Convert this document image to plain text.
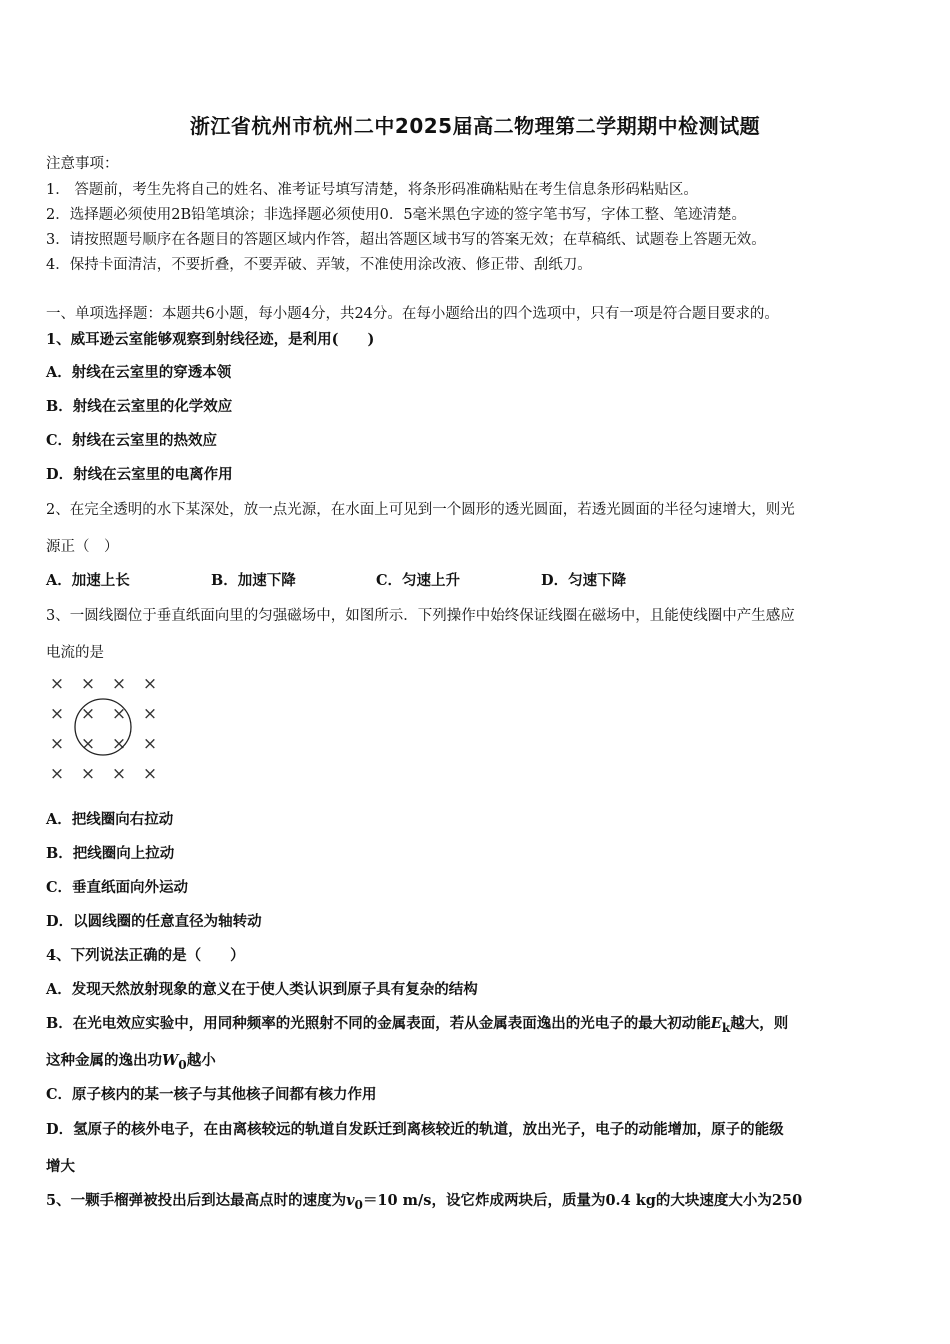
浙江省杭州市杭州二中2025届高二物理第二学期期中检测试题
注意事项：
1． 答题前，考生先将自己的姓名、准考证号填写清楚，将条形码准确粘贴在考生信息条形码粘贴区。
2．选择题必须使用2B铅笔填涂；非选择题必须使用0．5毫米黑色字迹的签字笔书写，字体工整、笔迹清楚。
3．请按照题号顺序在各题目的答题区域内作答，超出答题区域书写的答案无效；在草稿纸、试题卷上答题无效。
4．保持卡面清洁，不要折叠，不要弄破、弄皱，不准使用涂改液、修正带、刮纸刀。
一、单项选择题：本题共6小题，每小题4分，共24分。在每小题给出的四个选项中，只有一项是符合题目要求的。
1、威耳逊云室能够观察到射线径迹，是利用(　　)
A．射线在云室里的穿透本领
B．射线在云室里的化学效应
C．射线在云室里的热效应
D．射线在云室里的电离作用
2、在完全透明的水下某深处，放一点光源，在水面上可见到一个圆形的透光圆面，若透光圆面的半径匀速增大，则光
源正（　）
A．加速上长	B．加速下降	C．匀速上升	D．匀速下降
3、一圆线圈位于垂直纸面向里的匀强磁场中，如图所示．下列操作中始终保证线圈在磁场中，且能使线圈中产生感应
电流的是
× × × ×
× × × ×
× × × ×
× × × ×
A．把线圈向右拉动
B．把线圈向上拉动
C．垂直纸面向外运动
D．以圆线圈的任意直径为轴转动
4、下列说法正确的是（　　）
A．发现天然放射现象的意义在于使人类认识到原子具有复杂的结构
B．在光电效应实验中，用同种频率的光照射不同的金属表面，若从金属表面逸出的光电子的最大初动能$E_k$越大，则
这种金属的逸出功$W_0$越小
C．原子核内的某一核子与其他核子间都有核力作用
D．氢原子的核外电子，在由离核较远的轨道自发跃迁到离核较近的轨道，放出光子，电子的动能增加，原子的能级
增大
5、一颗手榴弹被投出后到达最高点时的速度为$v_0=10$ m/s，设它炸成两块后，质量为0.4 kg的大块速度大小为250
